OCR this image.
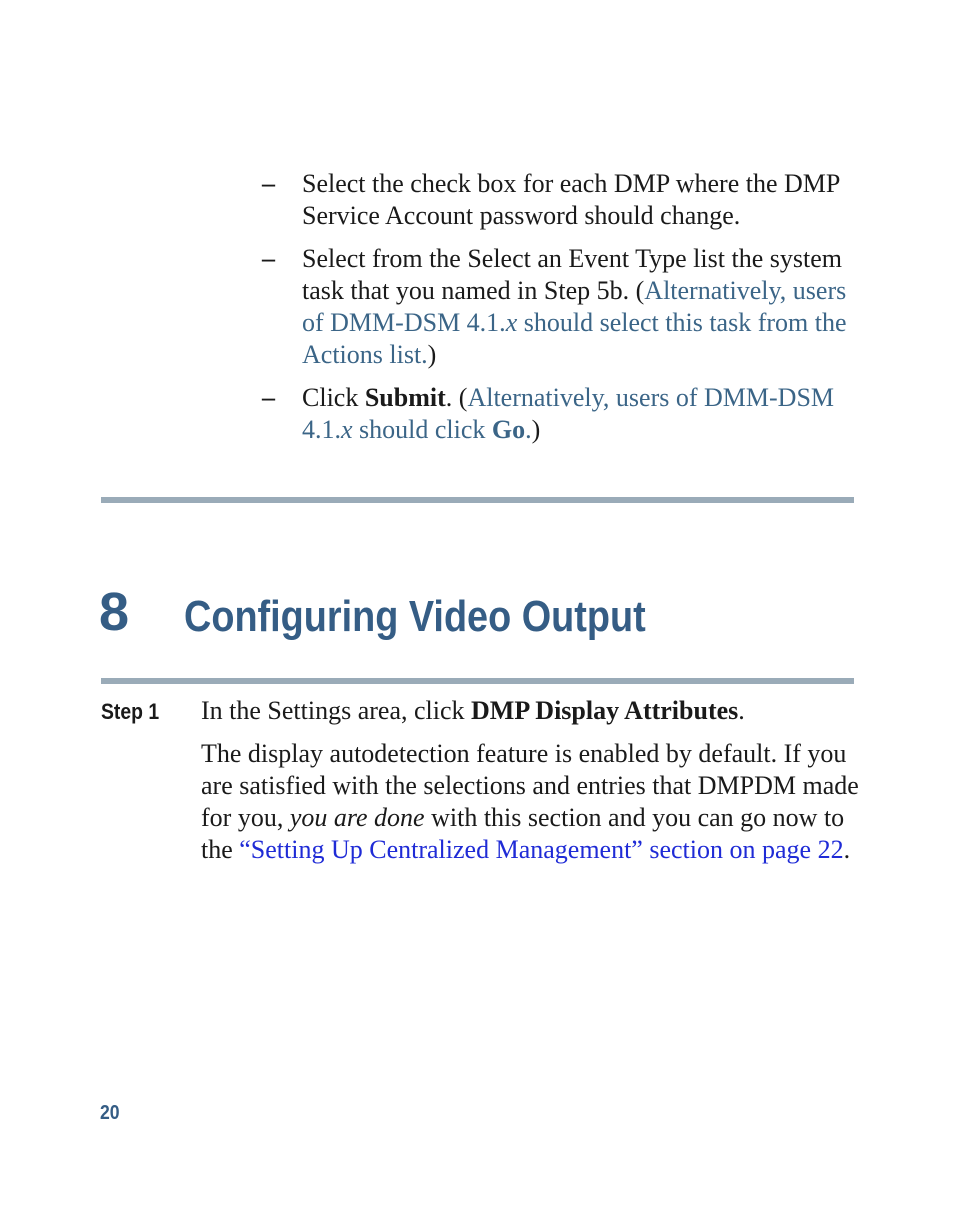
– Select the check box for each DMP where the DMP Service Account password should change.
– Select from the Select an Event Type list the system task that you named in Step 5b. (Alternatively, users of DMM-DSM 4.1.x should select this task from the Actions list.)
– Click Submit. (Alternatively, users of DMM-DSM 4.1.x should click Go.)
8 Configuring Video Output
Step 1 In the Settings area, click DMP Display Attributes.

The display autodetection feature is enabled by default. If you are satisfied with the selections and entries that DMPDM made for you, you are done with this section and you can go now to the “Setting Up Centralized Management” section on page 22.

20
